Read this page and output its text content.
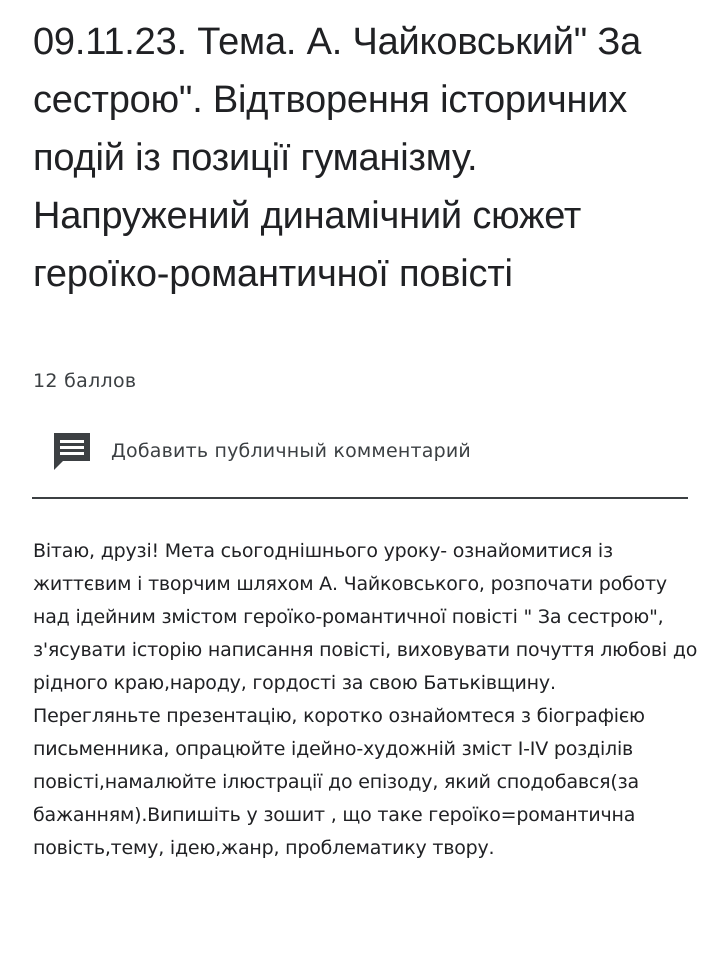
09.11.23. Тема. А. Чайковський" За сестрою". Відтворення історичних подій із позиції гуманізму. Напружений динамічний сюжет героїко-романтичної повісті
12 баллов
Добавить публичный комментарий

Вітаю, друзі! Мета сьогоднішнього уроку- ознайомитися із життєвим і творчим шляхом А. Чайковського, розпочати роботу над ідейним змістом героїко-романтичної повісті " За сестрою", з'ясувати історію написання повісті, виховувати почуття любові до рідного краю,народу, гордості за свою Батьківщину.
Перегляньте презентацію, коротко ознайомтеся з біографією письменника, опрацюйте ідейно-художній зміст І-ІV розділів повісті,намалюйте ілюстрації до епізоду, який сподобався(за бажанням).Випишіть у зошит , що таке героїко=романтична повість,тему, ідею,жанр, проблематику твору.
